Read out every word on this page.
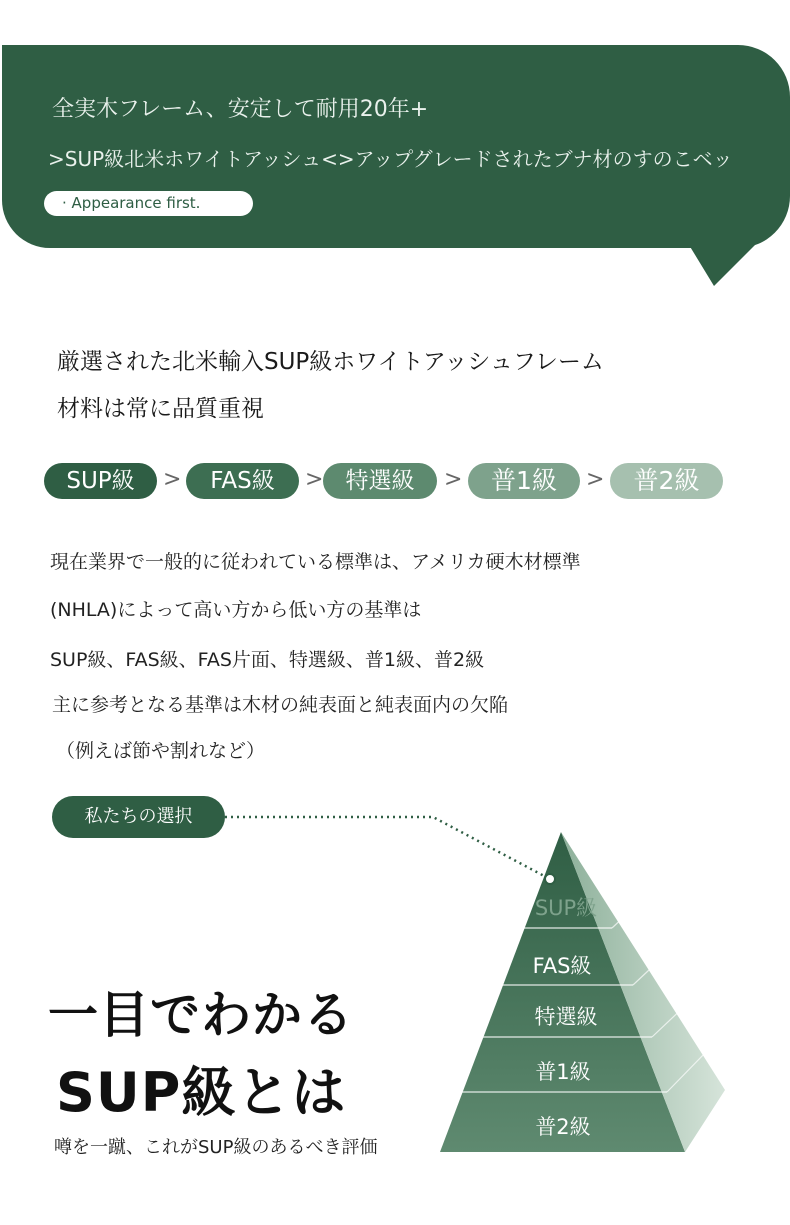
全実木フレーム、安定して耐用20年+
>SUP級北米ホワイトアッシュ<>アップグレードされたブナ材のすのこベッ
· Appearance first.
厳選された北米輸入SUP級ホワイトアッシュフレーム
材料は常に品質重視
SUP級	>	FAS級	> 特選級	>	普1級	>	普2級
現在業界で一般的に従われている標準は、アメリカ硬木材標準
(NHLA)によって高い方から低い方の基準は
SUP級、FAS級、FAS片面、特選級、普1級、普2級
主に参考となる基準は木材の純表面と純表面内の欠陥
（例えば節や割れなど）
私たちの選択
SUP級
FAS級
特選級
普1級
普2級
一目でわかる
SUP級とは
噂を一蹴、これがSUP級のあるべき評価
